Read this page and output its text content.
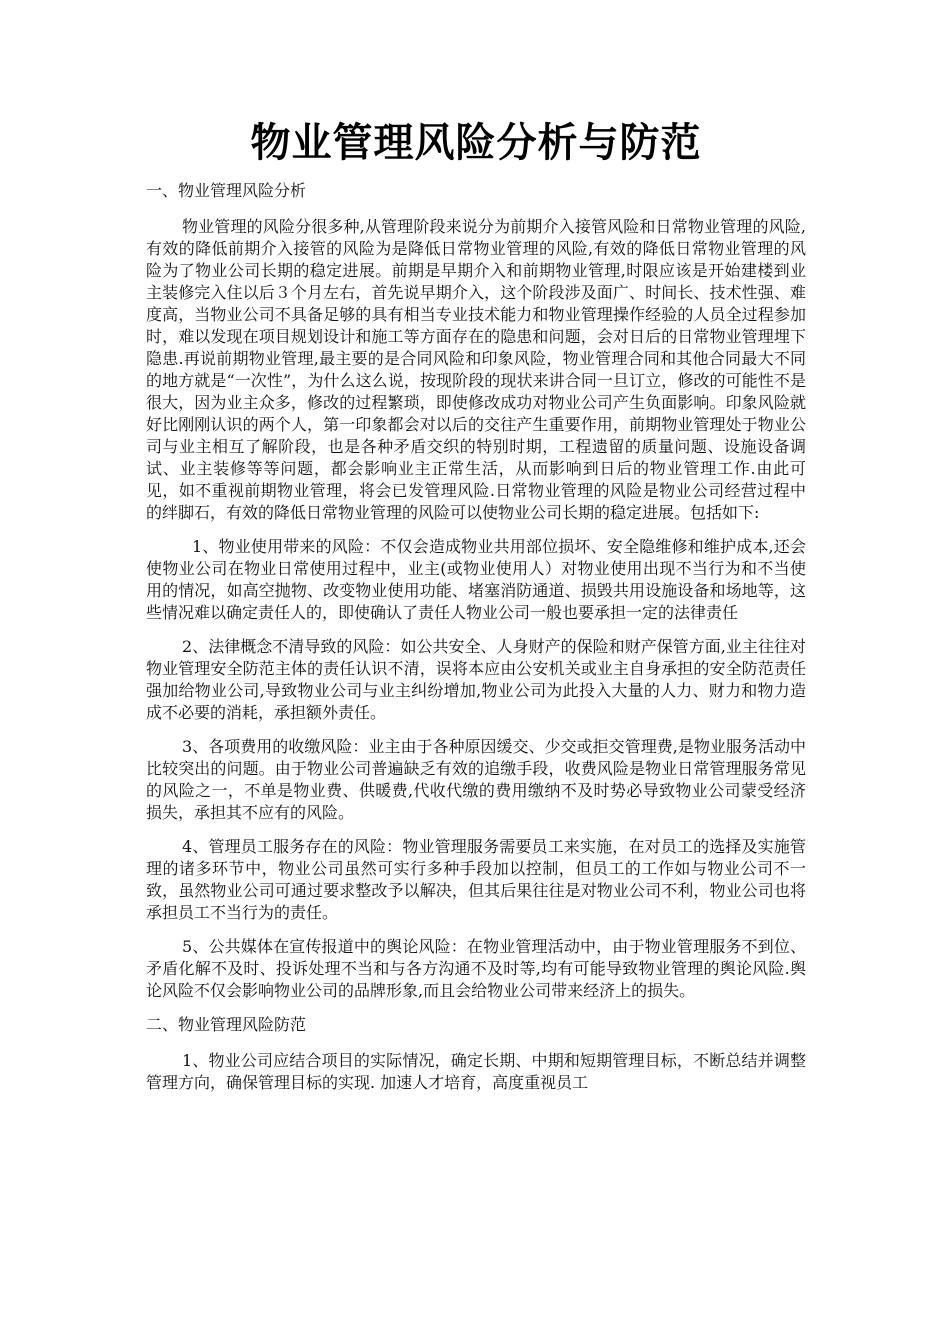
物业管理风险分析与防范
一、物业管理风险分析

物业管理的风险分很多种,从管理阶段来说分为前期介入接管风险和日常物业管理的风险,有效的降低前期介入接管的风险为是降低日常物业管理的风险,有效的降低日常物业管理的风险为了物业公司长期的稳定进展。前期是早期介入和前期物业管理,时限应该是开始建楼到业主装修完入住以后３个月左右，首先说早期介入，这个阶段涉及面广、时间长、技术性强、难度高，当物业公司不具备足够的具有相当专业技术能力和物业管理操作经验的人员全过程参加时，难以发现在项目规划设计和施工等方面存在的隐患和问题，会对日后的日常物业管理埋下隐患.再说前期物业管理,最主要的是合同风险和印象风险，物业管理合同和其他合同最大不同的地方就是“一次性”，为什么这么说，按现阶段的现状来讲合同一旦订立，修改的可能性不是很大，因为业主众多，修改的过程繁琐，即使修改成功对物业公司产生负面影响。印象风险就好比刚刚认识的两个人，第一印象都会对以后的交往产生重要作用，前期物业管理处于物业公司与业主相互了解阶段，也是各种矛盾交织的特别时期，工程遗留的质量问题、设施设备调试、业主装修等等问题，都会影响业主正常生活，从而影响到日后的物业管理工作.由此可见，如不重视前期物业管理，将会已发管理风险.日常物业管理的风险是物业公司经营过程中的绊脚石，有效的降低日常物业管理的风险可以使物业公司长期的稳定进展。包括如下:

1、物业使用带来的风险：不仅会造成物业共用部位损坏、安全隐维修和维护成本,还会使物业公司在物业日常使用过程中，业主(或物业使用人）对物业使用出现不当行为和不当使用的情况，如高空抛物、改变物业使用功能、堵塞消防通道、损毁共用设施设备和场地等，这些情况难以确定责任人的，即使确认了责任人物业公司一般也要承担一定的法律责任

2、法律概念不清导致的风险：如公共安全、人身财产的保险和财产保管方面,业主往往对物业管理安全防范主体的责任认识不清，误将本应由公安机关或业主自身承担的安全防范责任强加给物业公司,导致物业公司与业主纠纷增加,物业公司为此投入大量的人力、财力和物力造成不必要的消耗，承担额外责任。

3、各项费用的收缴风险：业主由于各种原因缓交、少交或拒交管理费,是物业服务活动中比较突出的问题。由于物业公司普遍缺乏有效的追缴手段，收费风险是物业日常管理服务常见的风险之一，不单是物业费、供暖费,代收代缴的费用缴纳不及时势必导致物业公司蒙受经济损失，承担其不应有的风险。

4、管理员工服务存在的风险：物业管理服务需要员工来实施，在对员工的选择及实施管理的诸多环节中，物业公司虽然可实行多种手段加以控制，但员工的工作如与物业公司不一致，虽然物业公司可通过要求整改予以解决，但其后果往往是对物业公司不利，物业公司也将承担员工不当行为的责任。

5、公共媒体在宣传报道中的舆论风险：在物业管理活动中，由于物业管理服务不到位、矛盾化解不及时、投诉处理不当和与各方沟通不及时等,均有可能导致物业管理的舆论风险.舆论风险不仅会影响物业公司的品牌形象,而且会给物业公司带来经济上的损失。

二、物业管理风险防范

1、物业公司应结合项目的实际情况，确定长期、中期和短期管理目标，不断总结并调整管理方向，确保管理目标的实现. 加速人才培育，高度重视员工
